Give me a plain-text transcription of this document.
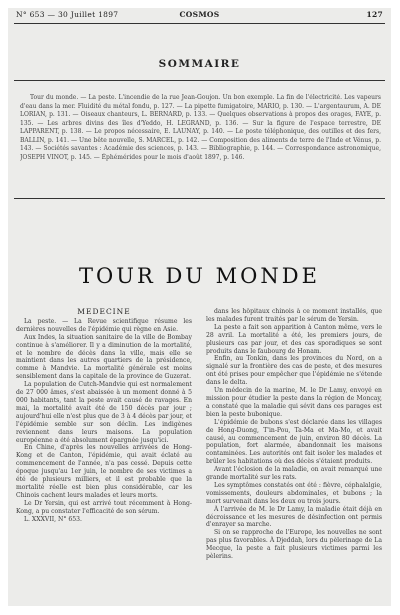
N° 653 — 30 Juillet 1897	COSMOS	127
SOMMAIRE
Tour du monde. — La peste. L'incendie de la rue Jean-Goujon. Un bon exemple. La fin de l'électricité. Les vapeurs d'eau dans la mer. Fluidité du métal fondu, p. 127. — La pipette fumigatoire, MARIO, p. 130. — L'argentaurum, A. DE LORIAN, p. 131. — Oiseaux chanteurs, L. BERNARD, p. 133. — Quelques observations à propos des orages, FAYE, p. 135. — Les arbres divins des îles d'Yeddo, H. LEGRAND, p. 136. — Sur la figure de l'espace terrestre, DE LAPPARENT, p. 138. — Le propos nécessaire, E. LAUNAY, p. 140. — Le poste téléphonique, des outilles et des fers, BALLIN, p. 141. — Une bête nouvelle, S. MARCEL, p. 142. — Composition des aliments de terre de l'Inde et Vénus, p. 143. — Sociétés savantes : Académie des sciences, p. 143. — Bibliographie, p. 144. — Correspondance astronomique, JOSEPH VINOT, p. 145. — Éphémérides pour le mois d'août 1897, p. 146.
TOUR DU MONDE
MÉDECINE

La peste. — La Revue scientifique résume les dernières nouvelles de l'épidémie qui règne en Asie.

Aux Indes, la situation sanitaire de la ville de Bombay continue à s'améliorer. Il y a diminution de la mortalité, et le nombre de décès dans la ville, mais elle se maintient dans les autres quartiers de la présidence, comme à Mandvie. La mortalité générale est moins sensiblement dans la capitale de la province de Guzerat.

La population de Cutch-Mandvie qui est normalement de 27 000 âmes, s'est abaissée à un moment donné à 5 000 habitants, tant la peste avait causé de ravages. En mai, la mortalité avait été de 150 décès par jour ; aujourd'hui elle n'est plus que de 3 à 4 décès par jour, et l'épidémie semble sur son déclin. Les indigènes reviennent dans leurs maisons. La population européenne a été absolument épargnée jusqu'ici.

En Chine, d'après les nouvelles arrivées de Hong-Kong et de Canton, l'épidémie, qui avait éclaté au commencement de l'année, n'a pas cessé. Depuis cette époque jusqu'au 1er juin, le nombre de ses victimes a été de plusieurs milliers, et il est probable que la mortalité réelle est bien plus considérable, car les Chinois cachent leurs malades et leurs morts.

Le Dr Yersin, qui est arrivé tout récemment à Hong-Kong, a pu constater l'efficacité de son sérum.

L. XXXVII, N° 653.

dans les hôpitaux chinois à ce moment installés, que les malades furent traités par le sérum de Yersin.

La peste a fait son apparition à Canton même, vers le 28 avril. La mortalité a été, les premiers jours, de plusieurs cas par jour, et des cas sporadiques se sont produits dans le faubourg de Honam.

Enfin, au Tonkin, dans les provinces du Nord, on a signalé sur la frontière des cas de peste, et des mesures ont été prises pour empêcher que l'épidémie ne s'étende dans le delta.

Un médecin de la marine, M. le Dr Lamy, envoyé en mission pour étudier la peste dans la région de Moncay, a constaté que la maladie qui sévit dans ces parages est bien la peste bubonique.

L'épidémie de bubons s'est déclarée dans les villages de Hong-Duong, T'in-Pou, Ta-Ma et Ma-Mo, et avait causé, au commencement de juin, environ 80 décès. La population, fort alarmée, abandonnait les maisons contaminées. Les autorités ont fait isoler les malades et brûler les habitations où des décès s'étaient produits.

Avant l'éclosion de la maladie, on avait remarqué une grande mortalité sur les rats.

Les symptômes constatés ont été : fièvre, céphalalgie, vomissements, douleurs abdominales, et bubons ; la mort survenait dans les deux ou trois jours.

À l'arrivée de M. le Dr Lamy, la maladie était déjà en décroissance et les mesures de désinfection ont permis d'enrayer sa marche.

Si on se rapproche de l'Europe, les nouvelles ne sont pas plus favorables. À Djeddah, lors du pèlerinage de La Mecque, la peste a fait plusieurs victimes parmi les pèlerins.
